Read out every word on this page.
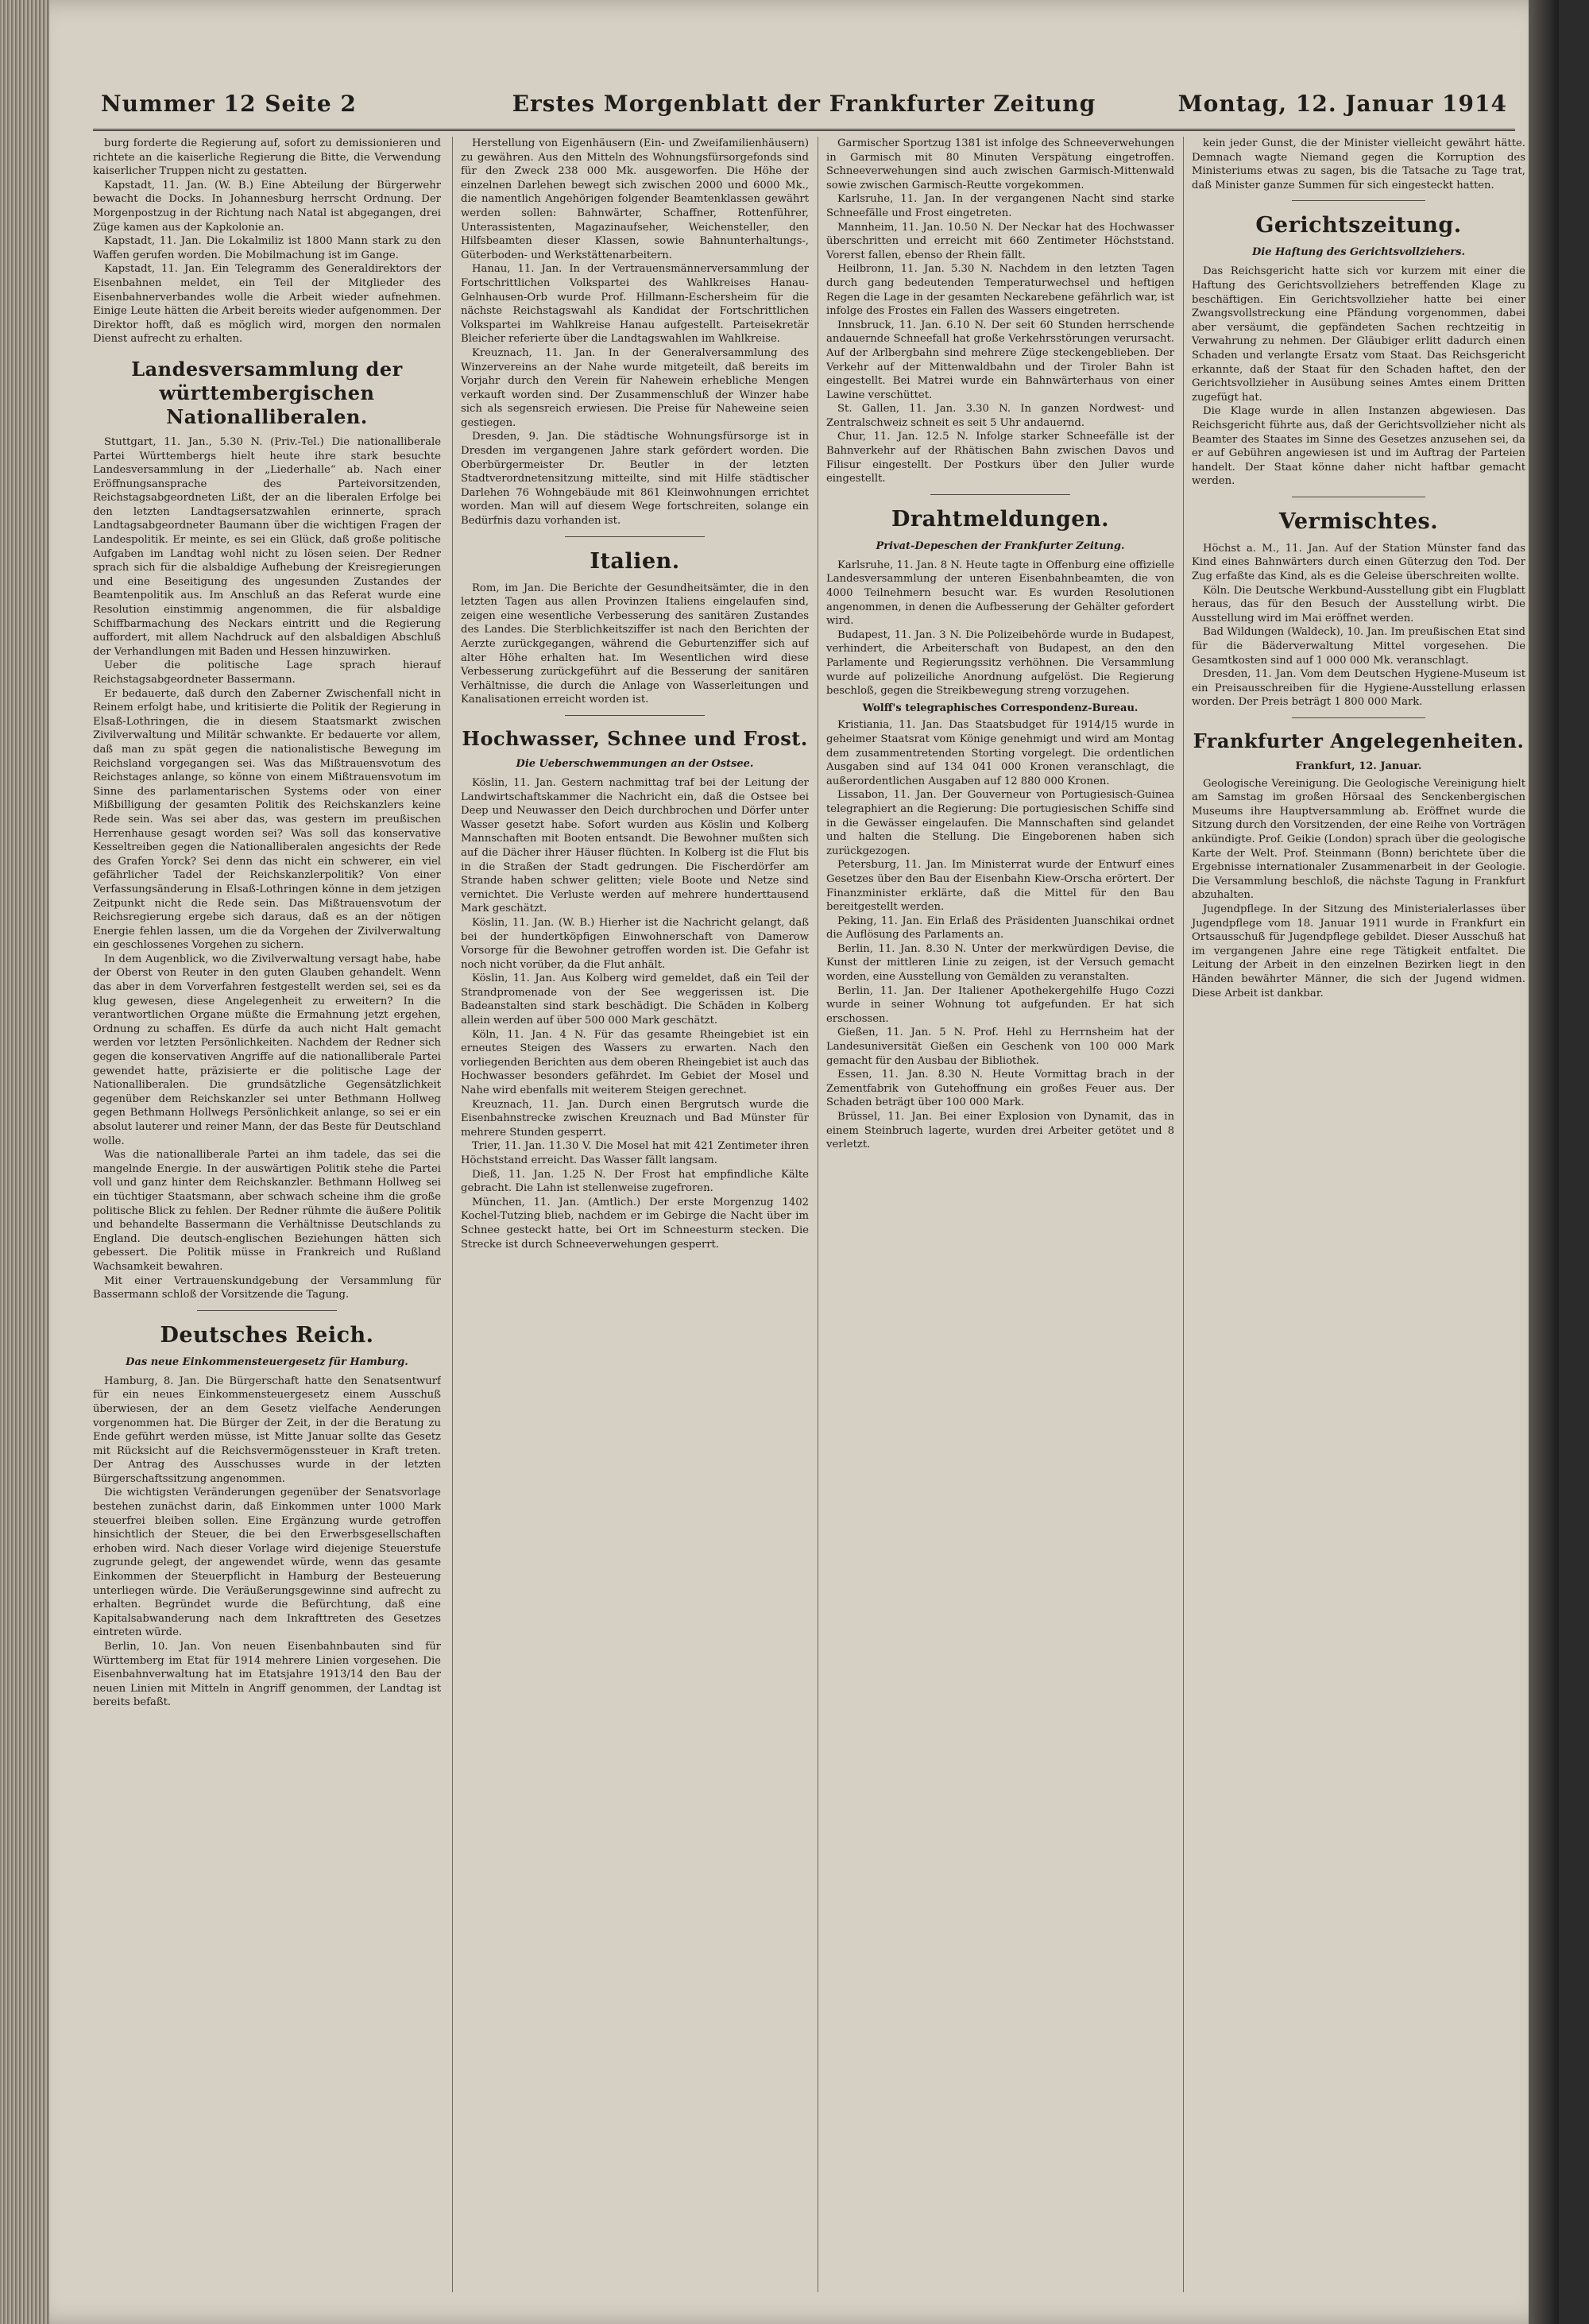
Nummer 12 Seite 2	Erstes Morgenblatt der Frankfurter Zeitung	Montag, 12. Januar 1914

burg forderte die Regierung auf, sofort zu demissionieren und richtete an die kaiserliche Regierung die Bitte, die Verwendung kaiserlicher Truppen nicht zu gestatten.

Kapstadt, 11. Jan. (W. B.) Eine Abteilung der Bürgerwehr bewacht die Docks. In Johannesburg herrscht Ordnung. Der Morgenpostzug in der Richtung nach Natal ist abgegangen, drei Züge kamen aus der Kapkolonie an.

Kapstadt, 11. Jan. Die Lokalmiliz ist 1800 Mann stark zu den Waffen gerufen worden. Die Mobilmachung ist im Gange.

Kapstadt, 11. Jan. Ein Telegramm des Generaldirektors der Eisenbahnen meldet, ein Teil der Mitglieder des Eisenbahnerverbandes wolle die Arbeit wieder aufnehmen. Einige Leute hätten die Arbeit bereits wieder aufgenommen. Der Direktor hofft, daß es möglich wird, morgen den normalen Dienst aufrecht zu erhalten.

Landesversammlung der württembergischen Nationalliberalen.

Stuttgart, 11. Jan., 5.30 N. (Priv.-Tel.) Die nationalliberale Partei Württembergs hielt heute ihre stark besuchte Landesversammlung in der „Liederhalle“ ab. Nach einer Eröffnungsansprache des Parteivorsitzenden, Reichstagsabgeordneten Lißt, der an die liberalen Erfolge bei den letzten Landtagsersatzwahlen erinnerte, sprach Landtagsabgeordneter Baumann über die wichtigen Fragen der Landespolitik. Er meinte, es sei ein Glück, daß große politische Aufgaben im Landtag wohl nicht zu lösen seien. Der Redner sprach sich für die alsbaldige Aufhebung der Kreisregierungen und eine Beseitigung des ungesunden Zustandes der Beamtenpolitik aus. Im Anschluß an das Referat wurde eine Resolution einstimmig angenommen, die für alsbaldige Schiffbarmachung des Neckars eintritt und die Regierung auffordert, mit allem Nachdruck auf den alsbaldigen Abschluß der Verhandlungen mit Baden und Hessen hinzuwirken.

Ueber die politische Lage sprach hierauf Reichstagsabgeordneter Bassermann.

Er bedauerte, daß durch den Zaberner Zwischenfall nicht in Reinem erfolgt habe, und kritisierte die Politik der Regierung in Elsaß-Lothringen, die in diesem Staatsmarkt zwischen Zivilverwaltung und Militär schwankte. Er bedauerte vor allem, daß man zu spät gegen die nationalistische Bewegung im Reichsland vorgegangen sei. Was das Mißtrauensvotum des Reichstages anlange, so könne von einem Mißtrauensvotum im Sinne des parlamentarischen Systems oder von einer Mißbilligung der gesamten Politik des Reichskanzlers keine Rede sein. Was sei aber das, was gestern im preußischen Herrenhause gesagt worden sei? Was soll das konservative Kesseltreiben gegen die Nationalliberalen angesichts der Rede des Grafen Yorck? Sei denn das nicht ein schwerer, ein viel gefährlicher Tadel der Reichskanzlerpolitik? Von einer Verfassungsänderung in Elsaß-Lothringen könne in dem jetzigen Zeitpunkt nicht die Rede sein. Das Mißtrauensvotum der Reichsregierung ergebe sich daraus, daß es an der nötigen Energie fehlen lassen, um die da Vorgehen der Zivilverwaltung ein geschlossenes Vorgehen zu sichern.

In dem Augenblick, wo die Zivilverwaltung versagt habe, habe der Oberst von Reuter in den guten Glauben gehandelt. Wenn das aber in dem Vorverfahren festgestellt werden sei, sei es da klug gewesen, diese Angelegenheit zu erweitern? In die verantwortlichen Organe müßte die Ermahnung jetzt ergehen, Ordnung zu schaffen. Es dürfe da auch nicht Halt gemacht werden vor letzten Persönlichkeiten. Nachdem der Redner sich gegen die konservativen Angriffe auf die nationalliberale Partei gewendet hatte, präzisierte er die politische Lage der Nationalliberalen. Die grundsätzliche Gegensätzlichkeit gegenüber dem Reichskanzler sei unter Bethmann Hollweg gegen Bethmann Hollwegs Persönlichkeit anlange, so sei er ein absolut lauterer und reiner Mann, der das Beste für Deutschland wolle.

Was die nationalliberale Partei an ihm tadele, das sei die mangelnde Energie. In der auswärtigen Politik stehe die Partei voll und ganz hinter dem Reichskanzler. Bethmann Hollweg sei ein tüchtiger Staatsmann, aber schwach scheine ihm die große politische Blick zu fehlen. Der Redner rühmte die äußere Politik und behandelte Bassermann die Verhältnisse Deutschlands zu England. Die deutsch-englischen Beziehungen hätten sich gebessert. Die Politik müsse in Frankreich und Rußland Wachsamkeit bewahren.

Mit einer Vertrauenskundgebung der Versammlung für Bassermann schloß der Vorsitzende die Tagung.

Deutsches Reich.
Das neue Einkommensteuergesetz für Hamburg.

Hamburg, 8. Jan. Die Bürgerschaft hatte den Senatsentwurf für ein neues Einkommensteuergesetz einem Ausschuß überwiesen, der an dem Gesetz vielfache Aenderungen vorgenommen hat. Die Bürger der Zeit, in der die Beratung zu Ende geführt werden müsse, ist Mitte Januar sollte das Gesetz mit Rücksicht auf die Reichsvermögenssteuer in Kraft treten. Der Antrag des Ausschusses wurde in der letzten Bürgerschaftssitzung angenommen.

Die wichtigsten Veränderungen gegenüber der Senatsvorlage bestehen zunächst darin, daß Einkommen unter 1000 Mark steuerfrei bleiben sollen. Eine Ergänzung wurde getroffen hinsichtlich der Steuer, die bei den Erwerbsgesellschaften erhoben wird. Nach dieser Vorlage wird diejenige Steuerstufe zugrunde gelegt, der angewendet würde, wenn das gesamte Einkommen der Steuerpflicht in Hamburg der Besteuerung unterliegen würde. Die Veräußerungsgewinne sind aufrecht zu erhalten. Begründet wurde die Befürchtung, daß eine Kapitalsabwanderung nach dem Inkrafttreten des Gesetzes eintreten würde.

Berlin, 10. Jan. Von neuen Eisenbahnbauten sind für Württemberg im Etat für 1914 mehrere Linien vorgesehen. Die Eisenbahnverwaltung hat im Etatsjahre 1913/14 den Bau der neuen Linien mit Mitteln in Angriff genommen, der Landtag ist bereits befaßt.

Herstellung von Eigenhäusern (Ein- und Zweifamilienhäusern) zu gewähren. Aus den Mitteln des Wohnungsfürsorgefonds sind für den Zweck 238 000 Mk. ausgeworfen. Die Höhe der einzelnen Darlehen bewegt sich zwischen 2000 und 6000 Mk., die namentlich Angehörigen folgender Beamtenklassen gewährt werden sollen: Bahnwärter, Schaffner, Rottenführer, Unterassistenten, Magazinaufseher, Weichensteller, den Hilfsbeamten dieser Klassen, sowie Bahnunterhaltungs-, Güterboden- und Werkstättenarbeitern.

Hanau, 11. Jan. In der Vertrauensmännerversammlung der Fortschrittlichen Volkspartei des Wahlkreises Hanau-Gelnhausen-Orb wurde Prof. Hillmann-Eschersheim für die nächste Reichstagswahl als Kandidat der Fortschrittlichen Volkspartei im Wahlkreise Hanau aufgestellt. Parteisekretär Bleicher referierte über die Landtagswahlen im Wahlkreise.

Kreuznach, 11. Jan. In der Generalversammlung des Winzervereins an der Nahe wurde mitgeteilt, daß bereits im Vorjahr durch den Verein für Nahewein erhebliche Mengen verkauft worden sind. Der Zusammenschluß der Winzer habe sich als segensreich erwiesen. Die Preise für Naheweine seien gestiegen.

Dresden, 9. Jan. Die städtische Wohnungsfürsorge ist in Dresden im vergangenen Jahre stark gefördert worden. Die Oberbürgermeister Dr. Beutler in der letzten Stadtverordnetensitzung mitteilte, sind mit Hilfe städtischer Darlehen 76 Wohngebäude mit 861 Kleinwohnungen errichtet worden. Man will auf diesem Wege fortschreiten, solange ein Bedürfnis dazu vorhanden ist.

Italien.

Rom, im Jan. Die Berichte der Gesundheitsämter, die in den letzten Tagen aus allen Provinzen Italiens eingelaufen sind, zeigen eine wesentliche Verbesserung des sanitären Zustandes des Landes. Die Sterblichkeitsziffer ist nach den Berichten der Aerzte zurückgegangen, während die Geburtenziffer sich auf alter Höhe erhalten hat. Im Wesentlichen wird diese Verbesserung zurückgeführt auf die Besserung der sanitären Verhältnisse, die durch die Anlage von Wasserleitungen und Kanalisationen erreicht worden ist.

Hochwasser, Schnee und Frost.
Die Ueberschwemmungen an der Ostsee.

Köslin, 11. Jan. Gestern nachmittag traf bei der Leitung der Landwirtschaftskammer die Nachricht ein, daß die Ostsee bei Deep und Neuwasser den Deich durchbrochen und Dörfer unter Wasser gesetzt habe. Sofort wurden aus Köslin und Kolberg Mannschaften mit Booten entsandt. Die Bewohner mußten sich auf die Dächer ihrer Häuser flüchten. In Kolberg ist die Flut bis in die Straßen der Stadt gedrungen. Die Fischerdörfer am Strande haben schwer gelitten; viele Boote und Netze sind vernichtet. Die Verluste werden auf mehrere hunderttausend Mark geschätzt.

Köslin, 11. Jan. (W. B.) Hierher ist die Nachricht gelangt, daß bei der hundertköpfigen Einwohnerschaft von Damerow Vorsorge für die Bewohner getroffen worden ist. Die Gefahr ist noch nicht vorüber, da die Flut anhält.

Köslin, 11. Jan. Aus Kolberg wird gemeldet, daß ein Teil der Strandpromenade von der See weggerissen ist. Die Badeanstalten sind stark beschädigt. Die Schäden in Kolberg allein werden auf über 500 000 Mark geschätzt.

Köln, 11. Jan. 4 N. Für das gesamte Rheingebiet ist ein erneutes Steigen des Wassers zu erwarten. Nach den vorliegenden Berichten aus dem oberen Rheingebiet ist auch das Hochwasser besonders gefährdet. Im Gebiet der Mosel und Nahe wird ebenfalls mit weiterem Steigen gerechnet.

Kreuznach, 11. Jan. Durch einen Bergrutsch wurde die Eisenbahnstrecke zwischen Kreuznach und Bad Münster für mehrere Stunden gesperrt.

Trier, 11. Jan. 11.30 V. Die Mosel hat mit 421 Zentimeter ihren Höchststand erreicht. Das Wasser fällt langsam.

Dieß, 11. Jan. 1.25 N. Der Frost hat empfindliche Kälte gebracht. Die Lahn ist stellenweise zugefroren.

München, 11. Jan. (Amtlich.) Der erste Morgenzug 1402 Kochel-Tutzing blieb, nachdem er im Gebirge die Nacht über im Schnee gesteckt hatte, bei Ort im Schneesturm stecken. Die Strecke ist durch Schneeverwehungen gesperrt.

Garmischer Sportzug 1381 ist infolge des Schneeverwehungen in Garmisch mit 80 Minuten Verspätung eingetroffen. Schneeverwehungen sind auch zwischen Garmisch-Mittenwald sowie zwischen Garmisch-Reutte vorgekommen.

Karlsruhe, 11. Jan. In der vergangenen Nacht sind starke Schneefälle und Frost eingetreten.

Mannheim, 11. Jan. 10.50 N. Der Neckar hat des Hochwasser überschritten und erreicht mit 660 Zentimeter Höchststand. Vorerst fallen, ebenso der Rhein fällt.

Heilbronn, 11. Jan. 5.30 N. Nachdem in den letzten Tagen durch gang bedeutenden Temperaturwechsel und heftigen Regen die Lage in der gesamten Neckarebene gefährlich war, ist infolge des Frostes ein Fallen des Wassers eingetreten.

Innsbruck, 11. Jan. 6.10 N. Der seit 60 Stunden herrschende andauernde Schneefall hat große Verkehrsstörungen verursacht. Auf der Arlbergbahn sind mehrere Züge steckengeblieben. Der Verkehr auf der Mittenwaldbahn und der Tiroler Bahn ist eingestellt. Bei Matrei wurde ein Bahnwärterhaus von einer Lawine verschüttet.

St. Gallen, 11. Jan. 3.30 N. In ganzen Nordwest- und Zentralschweiz schneit es seit 5 Uhr andauernd.

Chur, 11. Jan. 12.5 N. Infolge starker Schneefälle ist der Bahnverkehr auf der Rhätischen Bahn zwischen Davos und Filisur eingestellt. Der Postkurs über den Julier wurde eingestellt.

Drahtmeldungen.
Privat-Depeschen der Frankfurter Zeitung.

Karlsruhe, 11. Jan. 8 N. Heute tagte in Offenburg eine offizielle Landesversammlung der unteren Eisenbahnbeamten, die von 4000 Teilnehmern besucht war. Es wurden Resolutionen angenommen, in denen die Aufbesserung der Gehälter gefordert wird.

Budapest, 11. Jan. 3 N. Die Polizeibehörde wurde in Budapest, verhindert, die Arbeiterschaft von Budapest, an den den Parlamente und Regierungssitz verhöhnen. Die Versammlung wurde auf polizeiliche Anordnung aufgelöst. Die Regierung beschloß, gegen die Streikbewegung streng vorzugehen.

Wolff's telegraphisches Correspondenz-Bureau.

Kristiania, 11. Jan. Das Staatsbudget für 1914/15 wurde in geheimer Staatsrat vom Könige genehmigt und wird am Montag dem zusammentretenden Storting vorgelegt. Die ordentlichen Ausgaben sind auf 134 041 000 Kronen veranschlagt, die außerordentlichen Ausgaben auf 12 880 000 Kronen.

Lissabon, 11. Jan. Der Gouverneur von Portugiesisch-Guinea telegraphiert an die Regierung: Die portugiesischen Schiffe sind in die Gewässer eingelaufen. Die Mannschaften sind gelandet und halten die Stellung. Die Eingeborenen haben sich zurückgezogen.

Petersburg, 11. Jan. Im Ministerrat wurde der Entwurf eines Gesetzes über den Bau der Eisenbahn Kiew-Orscha erörtert. Der Finanzminister erklärte, daß die Mittel für den Bau bereitgestellt werden.

Peking, 11. Jan. Ein Erlaß des Präsidenten Juanschikai ordnet die Auflösung des Parlaments an.

Berlin, 11. Jan. 8.30 N. Unter der merkwürdigen Devise, die Kunst der mittleren Linie zu zeigen, ist der Versuch gemacht worden, eine Ausstellung von Gemälden zu veranstalten.

Berlin, 11. Jan. Der Italiener Apothekergehilfe Hugo Cozzi wurde in seiner Wohnung tot aufgefunden. Er hat sich erschossen.

Gießen, 11. Jan. 5 N. Prof. Hehl zu Herrnsheim hat der Landesuniversität Gießen ein Geschenk von 100 000 Mark gemacht für den Ausbau der Bibliothek.

Essen, 11. Jan. 8.30 N. Heute Vormittag brach in der Zementfabrik von Gutehoffnung ein großes Feuer aus. Der Schaden beträgt über 100 000 Mark.

Brüssel, 11. Jan. Bei einer Explosion von Dynamit, das in einem Steinbruch lagerte, wurden drei Arbeiter getötet und 8 verletzt.

kein jeder Gunst, die der Minister vielleicht gewährt hätte. Demnach wagte Niemand gegen die Korruption des Ministeriums etwas zu sagen, bis die Tatsache zu Tage trat, daß Minister ganze Summen für sich eingesteckt hatten.

Gerichtszeitung.
Die Haftung des Gerichtsvollziehers.

Das Reichsgericht hatte sich vor kurzem mit einer die Haftung des Gerichtsvollziehers betreffenden Klage zu beschäftigen. Ein Gerichtsvollzieher hatte bei einer Zwangsvollstreckung eine Pfändung vorgenommen, dabei aber versäumt, die gepfändeten Sachen rechtzeitig in Verwahrung zu nehmen. Der Gläubiger erlitt dadurch einen Schaden und verlangte Ersatz vom Staat. Das Reichsgericht erkannte, daß der Staat für den Schaden haftet, den der Gerichtsvollzieher in Ausübung seines Amtes einem Dritten zugefügt hat.

Die Klage wurde in allen Instanzen abgewiesen. Das Reichsgericht führte aus, daß der Gerichtsvollzieher nicht als Beamter des Staates im Sinne des Gesetzes anzusehen sei, da er auf Gebühren angewiesen ist und im Auftrag der Parteien handelt. Der Staat könne daher nicht haftbar gemacht werden.

Vermischtes.

Höchst a. M., 11. Jan. Auf der Station Münster fand das Kind eines Bahnwärters durch einen Güterzug den Tod. Der Zug erfaßte das Kind, als es die Geleise überschreiten wollte.

Köln. Die Deutsche Werkbund-Ausstellung gibt ein Flugblatt heraus, das für den Besuch der Ausstellung wirbt. Die Ausstellung wird im Mai eröffnet werden.

Bad Wildungen (Waldeck), 10. Jan. Im preußischen Etat sind für die Bäderverwaltung Mittel vorgesehen. Die Gesamtkosten sind auf 1 000 000 Mk. veranschlagt.

Dresden, 11. Jan. Vom dem Deutschen Hygiene-Museum ist ein Preisausschreiben für die Hygiene-Ausstellung erlassen worden. Der Preis beträgt 1 800 000 Mark.

Frankfurter Angelegenheiten.
Frankfurt, 12. Januar.

Geologische Vereinigung. Die Geologische Vereinigung hielt am Samstag im großen Hörsaal des Senckenbergischen Museums ihre Hauptversammlung ab. Eröffnet wurde die Sitzung durch den Vorsitzenden, der eine Reihe von Vorträgen ankündigte. Prof. Geikie (London) sprach über die geologische Karte der Welt. Prof. Steinmann (Bonn) berichtete über die Ergebnisse internationaler Zusammenarbeit in der Geologie. Die Versammlung beschloß, die nächste Tagung in Frankfurt abzuhalten.

Jugendpflege. In der Sitzung des Ministerialerlasses über Jugendpflege vom 18. Januar 1911 wurde in Frankfurt ein Ortsausschuß für Jugendpflege gebildet. Dieser Ausschuß hat im vergangenen Jahre eine rege Tätigkeit entfaltet. Die Leitung der Arbeit in den einzelnen Bezirken liegt in den Händen bewährter Männer, die sich der Jugend widmen. Diese Arbeit ist dankbar.
